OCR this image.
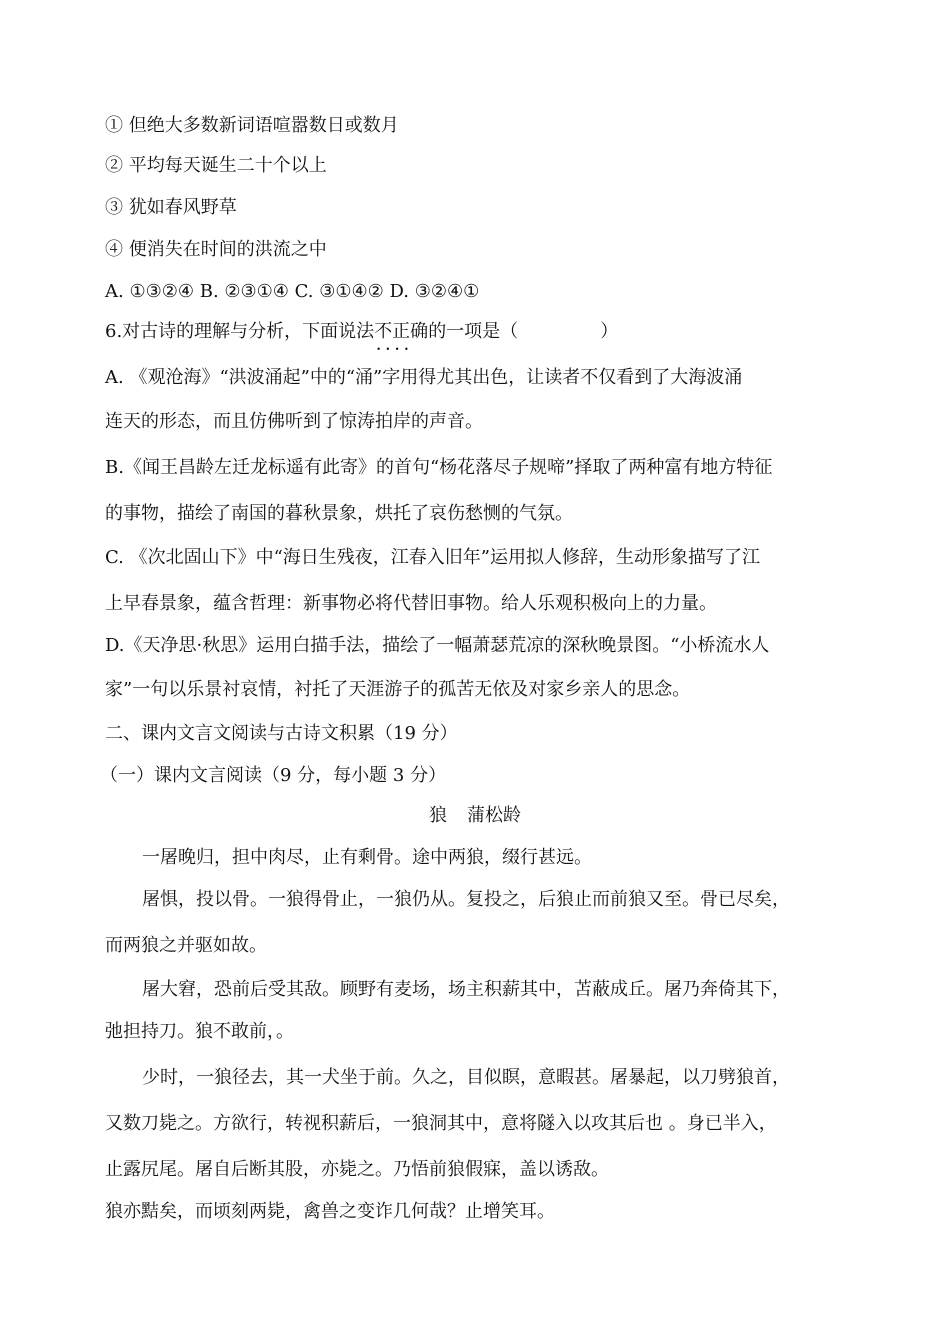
① 但绝大多数新词语喧嚣数日或数月
② 平均每天诞生二十个以上
③ 犹如春风野草
④ 便消失在时间的洪流之中
A. ①③②④ B. ②③①④ C. ③①④② D. ③②④①
6.对古诗的理解与分析，下面说法不正确 • •的一项是（	）
A. 《观沧海》“洪波涌起”中的“涌”字用得尤其出色，让读者不仅看到了大海波涌
连天的形态，而且仿佛听到了惊涛拍岸的声音。
B.《闻王昌龄左迁龙标遥有此寄》的首句“杨花落尽子规啼”择取了两种富有地方特征
的事物，描绘了南国的暮秋景象，烘托了哀伤愁恻的气氛。
C. 《次北固山下》中“海日生残夜，江春入旧年”运用拟人修辞，生动形象描写了江
上早春景象，蕴含哲理：新事物必将代替旧事物。给人乐观积极向上的力量。
D.《天净思·秋思》运用白描手法，描绘了一幅萧瑟荒凉的深秋晚景图。“小桥流水人
家”一句以乐景衬哀情，衬托了天涯游子的孤苦无依及对家乡亲人的思念。
二、课内文言文阅读与古诗文积累（19 分）
（一）课内文言阅读（9 分，每小题 3 分）
狼 蒲松龄
一屠晚归，担中肉尽，止有剩骨。途中两狼，缀行甚远。
屠惧，投以骨。一狼得骨止，一狼仍从。复投之，后狼止而前狼又至。骨已尽矣，
而两狼之并驱如故。
屠大窘，恐前后受其敌。顾野有麦场，场主积薪其中，苫蔽成丘。屠乃奔倚其下，
弛担持刀。狼不敢前，。
少时，一狼径去，其一犬坐于前。久之，目似瞑，意暇甚。屠暴起，以刀劈狼首，
又数刀毙之。方欲行，转视积薪后，一狼洞其中，意将隧入以攻其后也 。身已半入，
止露尻尾。屠自后断其股，亦毙之。乃悟前狼假寐，盖以诱敌。
狼亦黠矣，而顷刻两毙，禽兽之变诈几何哉？止增笑耳。
